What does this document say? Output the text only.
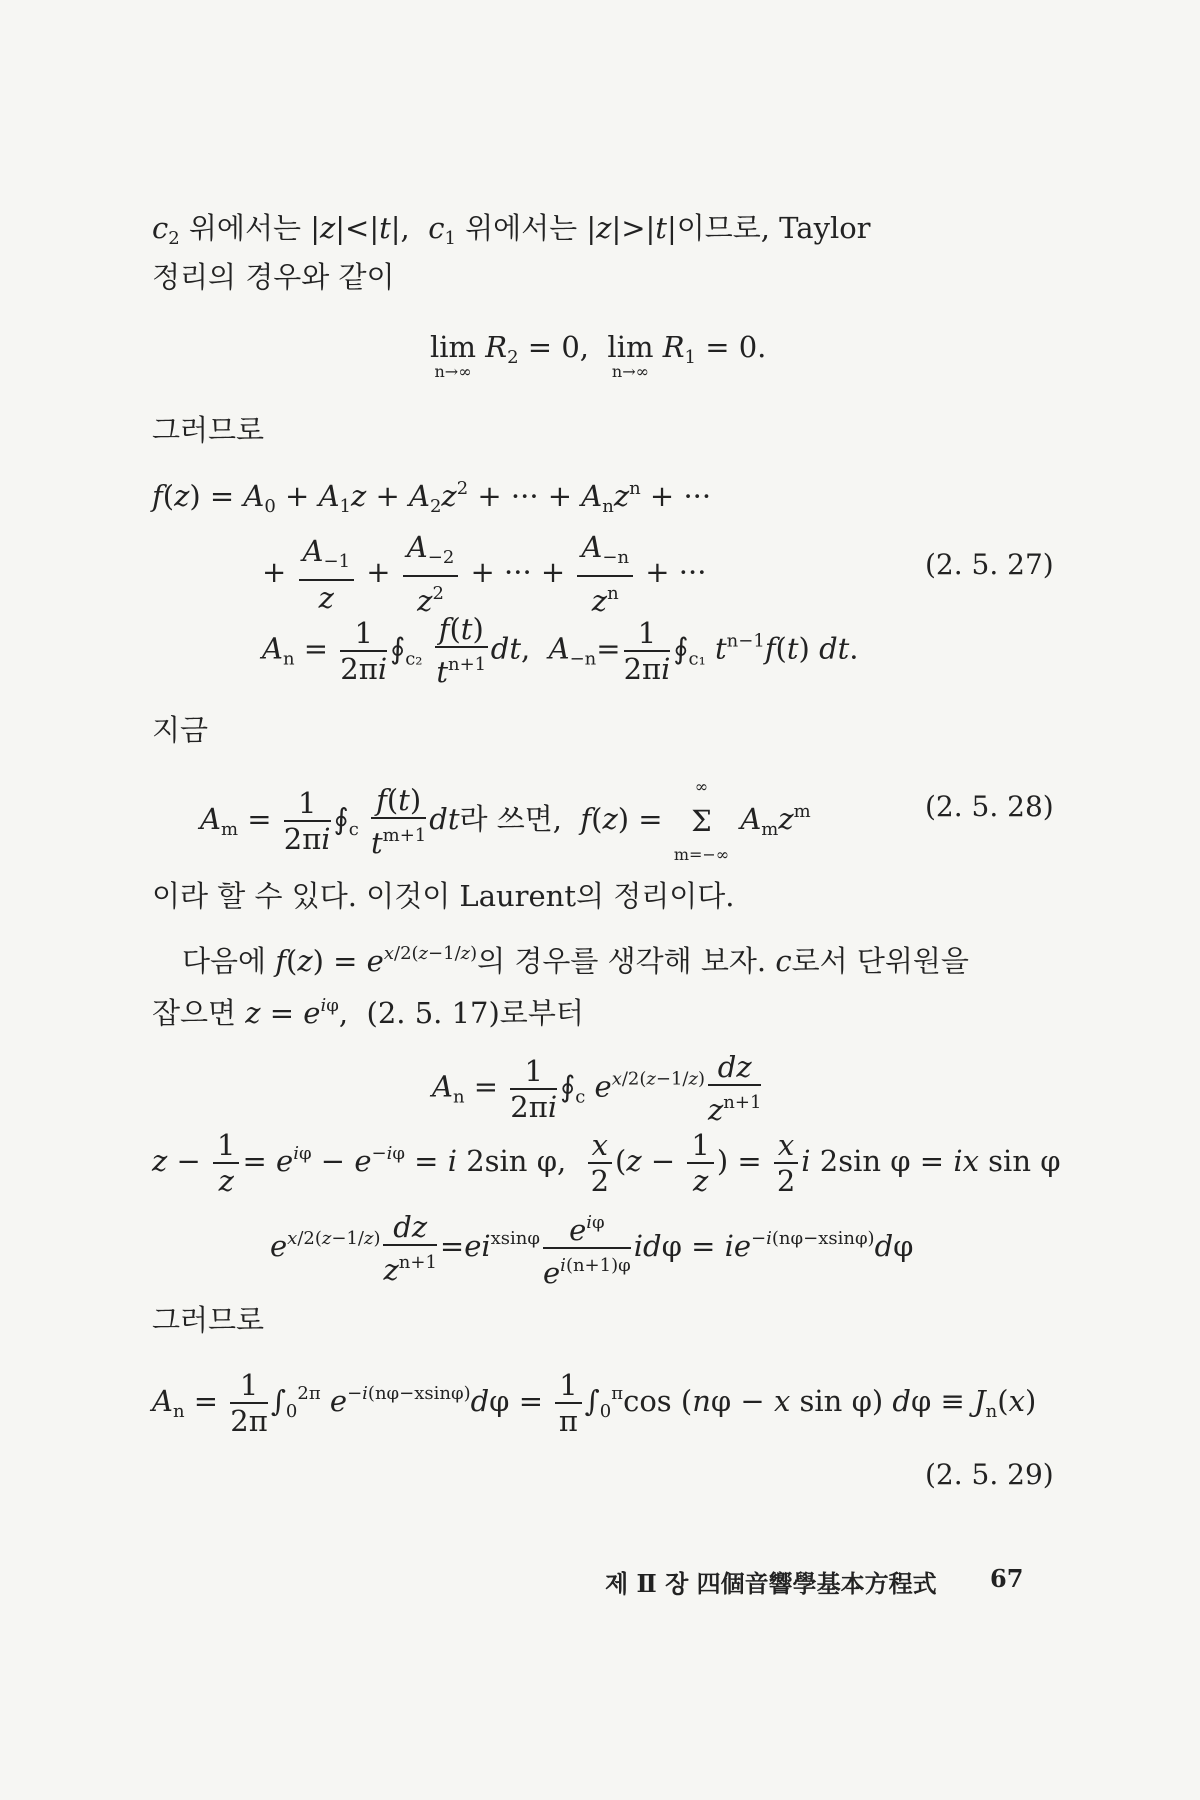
$c_2$ 위에서는 |z|<|t|,  $c_1$ 위에서는 |z|>|t|이므로, Taylor
정리의 경우와 같이
lim
n→∞
$R_2 = 0$,  lim
n→∞
$R_1 = 0$.
그러므로
$f(z) = A_0 + A_1z + A_2z^2$ + ··· + $A_nz^n$ + ···
+ $\frac{A_{-1}}{z} + \frac{A_{-2}}{z^2}$ + ··· + $\frac{A_{-n}}{z^n}$ + ···	(2. 5. 27)
$A_n = \frac{1}{2\pi i}$ $∮_{c_2} \frac{f(t)}{t^{n+1}}$ dt,  $A_{-n}= \frac{1}{2\pi i}$ $∮_{c_1}$ $t^{n-1}f(t)$ dt.
지금
$A_m = \frac{1}{2\pi i}$ $∮_c \frac{f(t)}{t^{m+1}}$ dt라 쓰면,  f(z) =
∞
Σ
m=−∞
$A_mz^m$	(2. 5. 28)
이라 할 수 있다. 이것이 Laurent의 정리이다.
다음에 $f(z) = e^{x/2(z-1/z)}$의 경우를 생각해 보자. c로서 단위원을
잡으면 $z = e^{i\varphi}$,  (2. 5. 17)로부터
$A_n = \frac{1}{2\pi i}$ $∮_c$ $e^{x/2(z-1/z)} \frac{dz}{z^{n+1}}$
$z - \frac{1}{z} = e^{i\varphi} - e^{-i\varphi} = i$ 2sin φ, $\frac{x}{2} (z - \frac{1}{z}$ ) = $\frac{x}{2}$ i 2sin φ = ix sin φ
$e^{x/2(z-1/z)} \frac{dz}{z^{n+1}} =ei^{xsin\varphi} \frac{e^{i\varphi}}{e^{i(n+1)\varphi}}$ $id\varphi = ie^{-i(n\varphi-xsin\varphi)}d\varphi$
그러므로
$A_n = \frac{1}{2\pi} \int_0^{2\pi}$ $e^{-i(n\varphi-xsin\varphi)}d\varphi = \frac{1}{\pi} \int_0^\pi\cos$ (nφ − x sin φ) $d\varphi \equiv J_n(x)$
(2. 5. 29)
제 Ⅱ 장 四個音響學基本方程式 67
